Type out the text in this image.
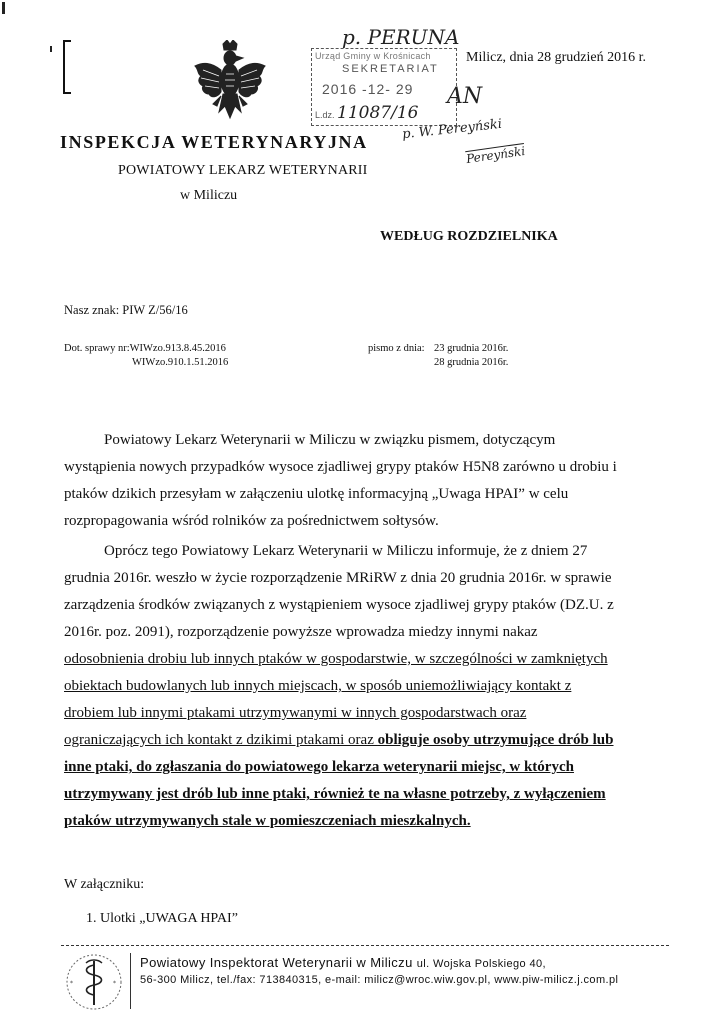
p. PERUNA
Urząd Gminy w Krośnicach
SEKRETARIAT
2016 -12- 29
L.dz. 11087/16
AN
Milicz, dnia 28 grudzień 2016 r.
p. W. Pereyński
Pereyński
INSPEKCJA WETERYNARYJNA
POWIATOWY LEKARZ WETERYNARII
w Miliczu
WEDŁUG ROZDZIELNIKA
Nasz znak: PIW Z/56/16
Dot. sprawy nr:WIWzo.913.8.45.2016
WIWzo.910.1.51.2016
pismo z dnia: 23 grudnia 2016r.
28 grudnia 2016r.
Powiatowy Lekarz Weterynarii w Miliczu w związku pismem, dotyczącym
wystąpienia nowych przypadków wysoce zjadliwej grypy ptaków H5N8 zarówno u drobiu i
ptaków dzikich przesyłam w załączeniu ulotkę informacyjną „Uwaga HPAI” w celu
rozpropagowania wśród rolników za pośrednictwem sołtysów.
Oprócz tego Powiatowy Lekarz Weterynarii w Miliczu informuje, że z dniem 27
grudnia 2016r. weszło w życie rozporządzenie MRiRW z dnia 20 grudnia 2016r. w sprawie
zarządzenia środków związanych z wystąpieniem wysoce zjadliwej grypy ptaków (DZ.U. z
2016r. poz. 2091), rozporządzenie powyższe wprowadza miedzy innymi nakaz
odosobnienia drobiu lub innych ptaków w gospodarstwie, w szczególności w zamkniętych
obiektach budowlanych lub innych miejscach, w sposób uniemożliwiający kontakt z
drobiem lub innymi ptakami utrzymywanymi w innych gospodarstwach oraz
ograniczających ich kontakt z dzikimi ptakami oraz obliguje osoby utrzymujące drób lub
inne ptaki, do zgłaszania do powiatowego lekarza weterynarii miejsc, w których
utrzymywany jest drób lub inne ptaki, również te na własne potrzeby, z wyłączeniem
ptaków utrzymywanych stale w pomieszczeniach mieszkalnych.
W załączniku:
1. Ulotki „UWAGA HPAI”
*	*
Powiatowy Inspektorat Weterynarii w Miliczu ul. Wojska Polskiego 40,
56-300 Milicz, tel./fax: 713840315, e-mail: milicz@wroc.wiw.gov.pl, www.piw-milicz.j.com.pl
